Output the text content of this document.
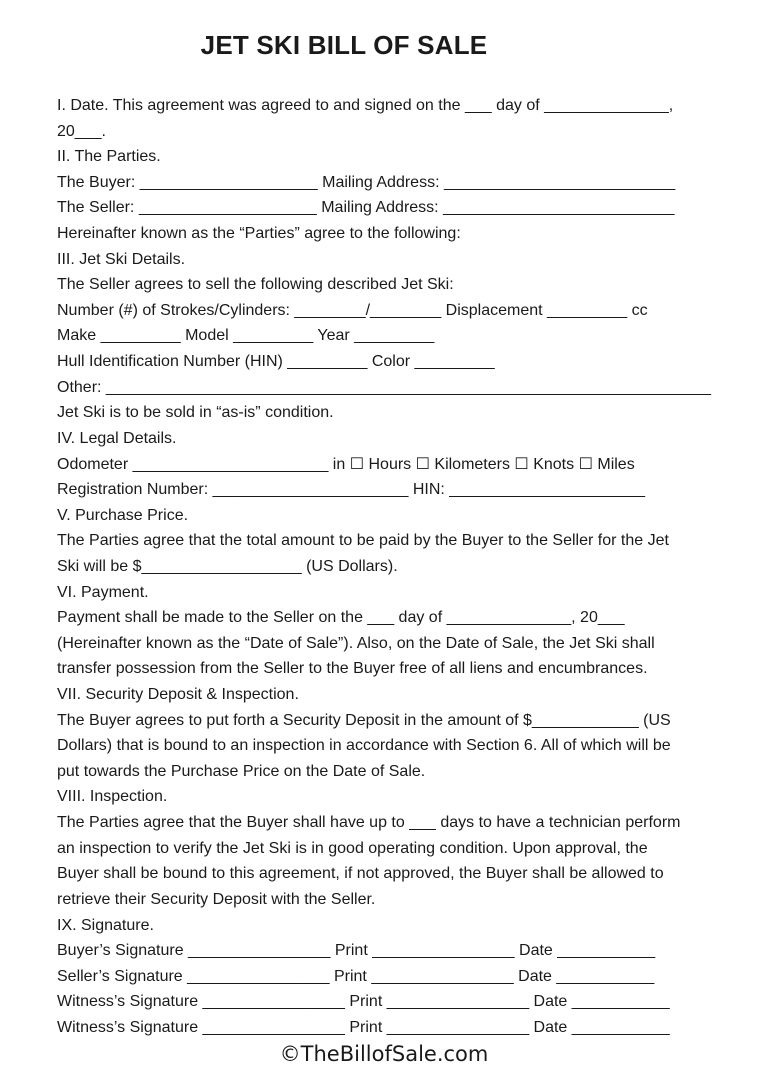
JET SKI BILL OF SALE
I. Date. This agreement was agreed to and signed on the ___ day of ______________,
20___.
II. The Parties.
The Buyer: ____________________ Mailing Address: __________________________
The Seller: ____________________ Mailing Address: __________________________
Hereinafter known as the “Parties” agree to the following:
III. Jet Ski Details.
The Seller agrees to sell the following described Jet Ski:
Number (#) of Strokes/Cylinders: ________/________ Displacement _________ cc
Make _________ Model _________ Year _________
Hull Identification Number (HIN) _________ Color _________
Other: ____________________________________________________________________
Jet Ski is to be sold in “as-is” condition.
IV. Legal Details.
Odometer ______________________ in ☐ Hours ☐ Kilometers ☐ Knots ☐ Miles
Registration Number: ______________________ HIN: ______________________
V. Purchase Price.
The Parties agree that the total amount to be paid by the Buyer to the Seller for the Jet
Ski will be $__________________ (US Dollars).
VI. Payment.
Payment shall be made to the Seller on the ___ day of ______________, 20___
(Hereinafter known as the “Date of Sale”). Also, on the Date of Sale, the Jet Ski shall
transfer possession from the Seller to the Buyer free of all liens and encumbrances.
VII. Security Deposit & Inspection.
The Buyer agrees to put forth a Security Deposit in the amount of $____________ (US
Dollars) that is bound to an inspection in accordance with Section 6. All of which will be
put towards the Purchase Price on the Date of Sale.
VIII. Inspection.
The Parties agree that the Buyer shall have up to ___ days to have a technician perform
an inspection to verify the Jet Ski is in good operating condition. Upon approval, the
Buyer shall be bound to this agreement, if not approved, the Buyer shall be allowed to
retrieve their Security Deposit with the Seller.
IX. Signature.
Buyer’s Signature ________________ Print ________________ Date ___________
Seller’s Signature ________________ Print ________________ Date ___________
Witness’s Signature ________________ Print ________________ Date ___________
Witness’s Signature ________________ Print ________________ Date ___________
©TheBillofSale.com
